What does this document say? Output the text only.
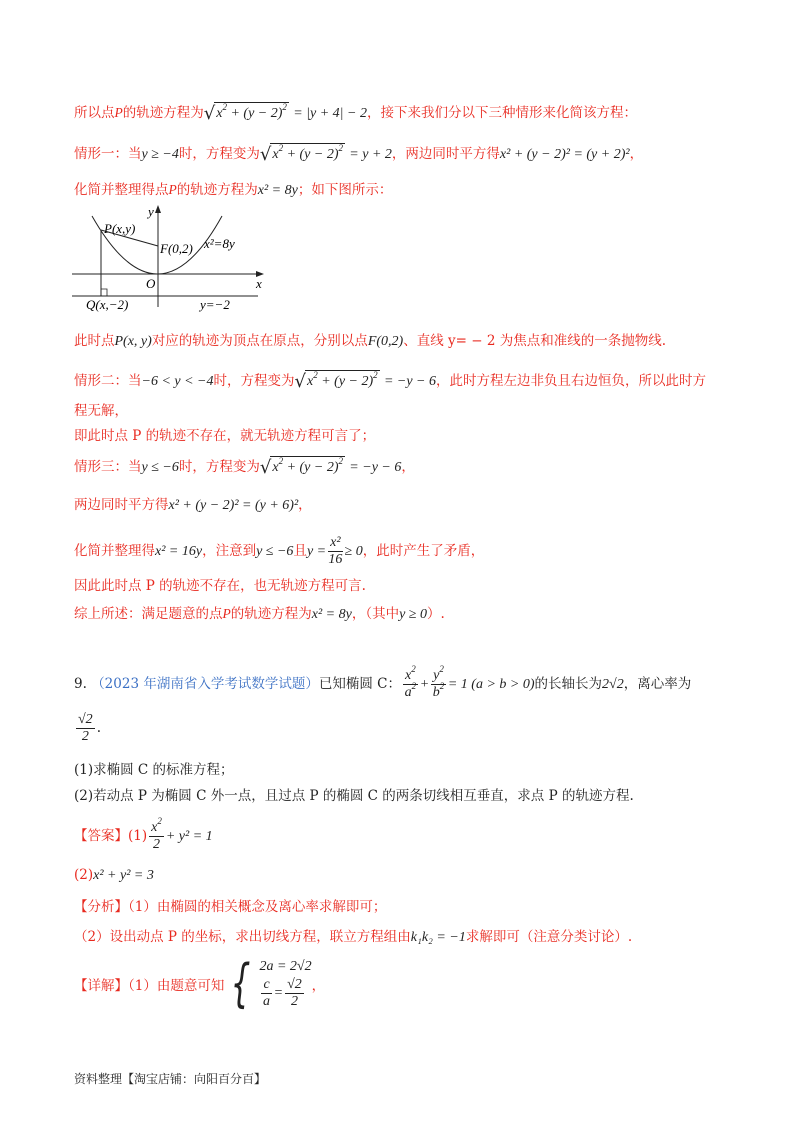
所以点P的轨迹方程为$√x^2 + (y - 2)^2 = |y + 4| - 2$，接下来我们分以下三种情形来化简该方程：
情形一：当y ≥ −4时，方程变为$√x^2 + (y - 2)^2 = y + 2$，两边同时平方得x² + (y − 2)² = (y + 2)²，
化简并整理得点P的轨迹方程为x² = 8y；如下图所示：
y
x
P(x,y)
F(0,2) x²=8y
O
Q(x,−2)	y=−2
此时点P(x, y)对应的轨迹为顶点在原点，分别以点F(0,2)、直线 y= − 2 为焦点和准线的一条抛物线.
情形二：当−6 < y < −4时，方程变为$√x^2 + (y - 2)^2 = -y - 6$，此时方程左边非负且右边恒负，所以此时方
程无解，
即此时点 P 的轨迹不存在，就无轨迹方程可言了；
情形三：当y ≤ −6时，方程变为$√x^2 + (y - 2)^2 = -y - 6$，
两边同时平方得x² + (y − 2)² = (y + 6)²，
化简并整理得x² = 16y，注意到y ≤ −6且$y = \frac{\text{x²}}{16} \ge 0$，此时产生了矛盾，
因此此时点 P 的轨迹不存在，也无轨迹方程可言.
综上所述：满足题意的点P的轨迹方程为x² = 8y，（其中y ≥ 0）.
9. （2023 年湖南省入学考试数学试题）已知椭圆 C： $\frac{x^2}{a^2} + \frac{y^2}{b^2} = 1$ (a > b > 0)的长轴长为2√2，离心率为
$\frac{√2}{2}$ .
(1)求椭圆 C 的标准方程；
(2)若动点 P 为椭圆 C 外一点，且过点 P 的椭圆 C 的两条切线相互垂直，求点 P 的轨迹方程.
【答案】$(1) \frac{x^2}{2} + y^2 = 1$
(2)x² + y² = 3
【分析】（1）由椭圆的相关概念及离心率求解即可；
（2）设出动点 P 的坐标，求出切线方程，联立方程组由k₁k₂ = −1求解即可（注意分类讨论）.
【详解】（1）由题意可知 { 2a = 2√2
$\frac{c}{a} = \frac{√2}{2}$ ，
资料整理【淘宝店铺：向阳百分百】
